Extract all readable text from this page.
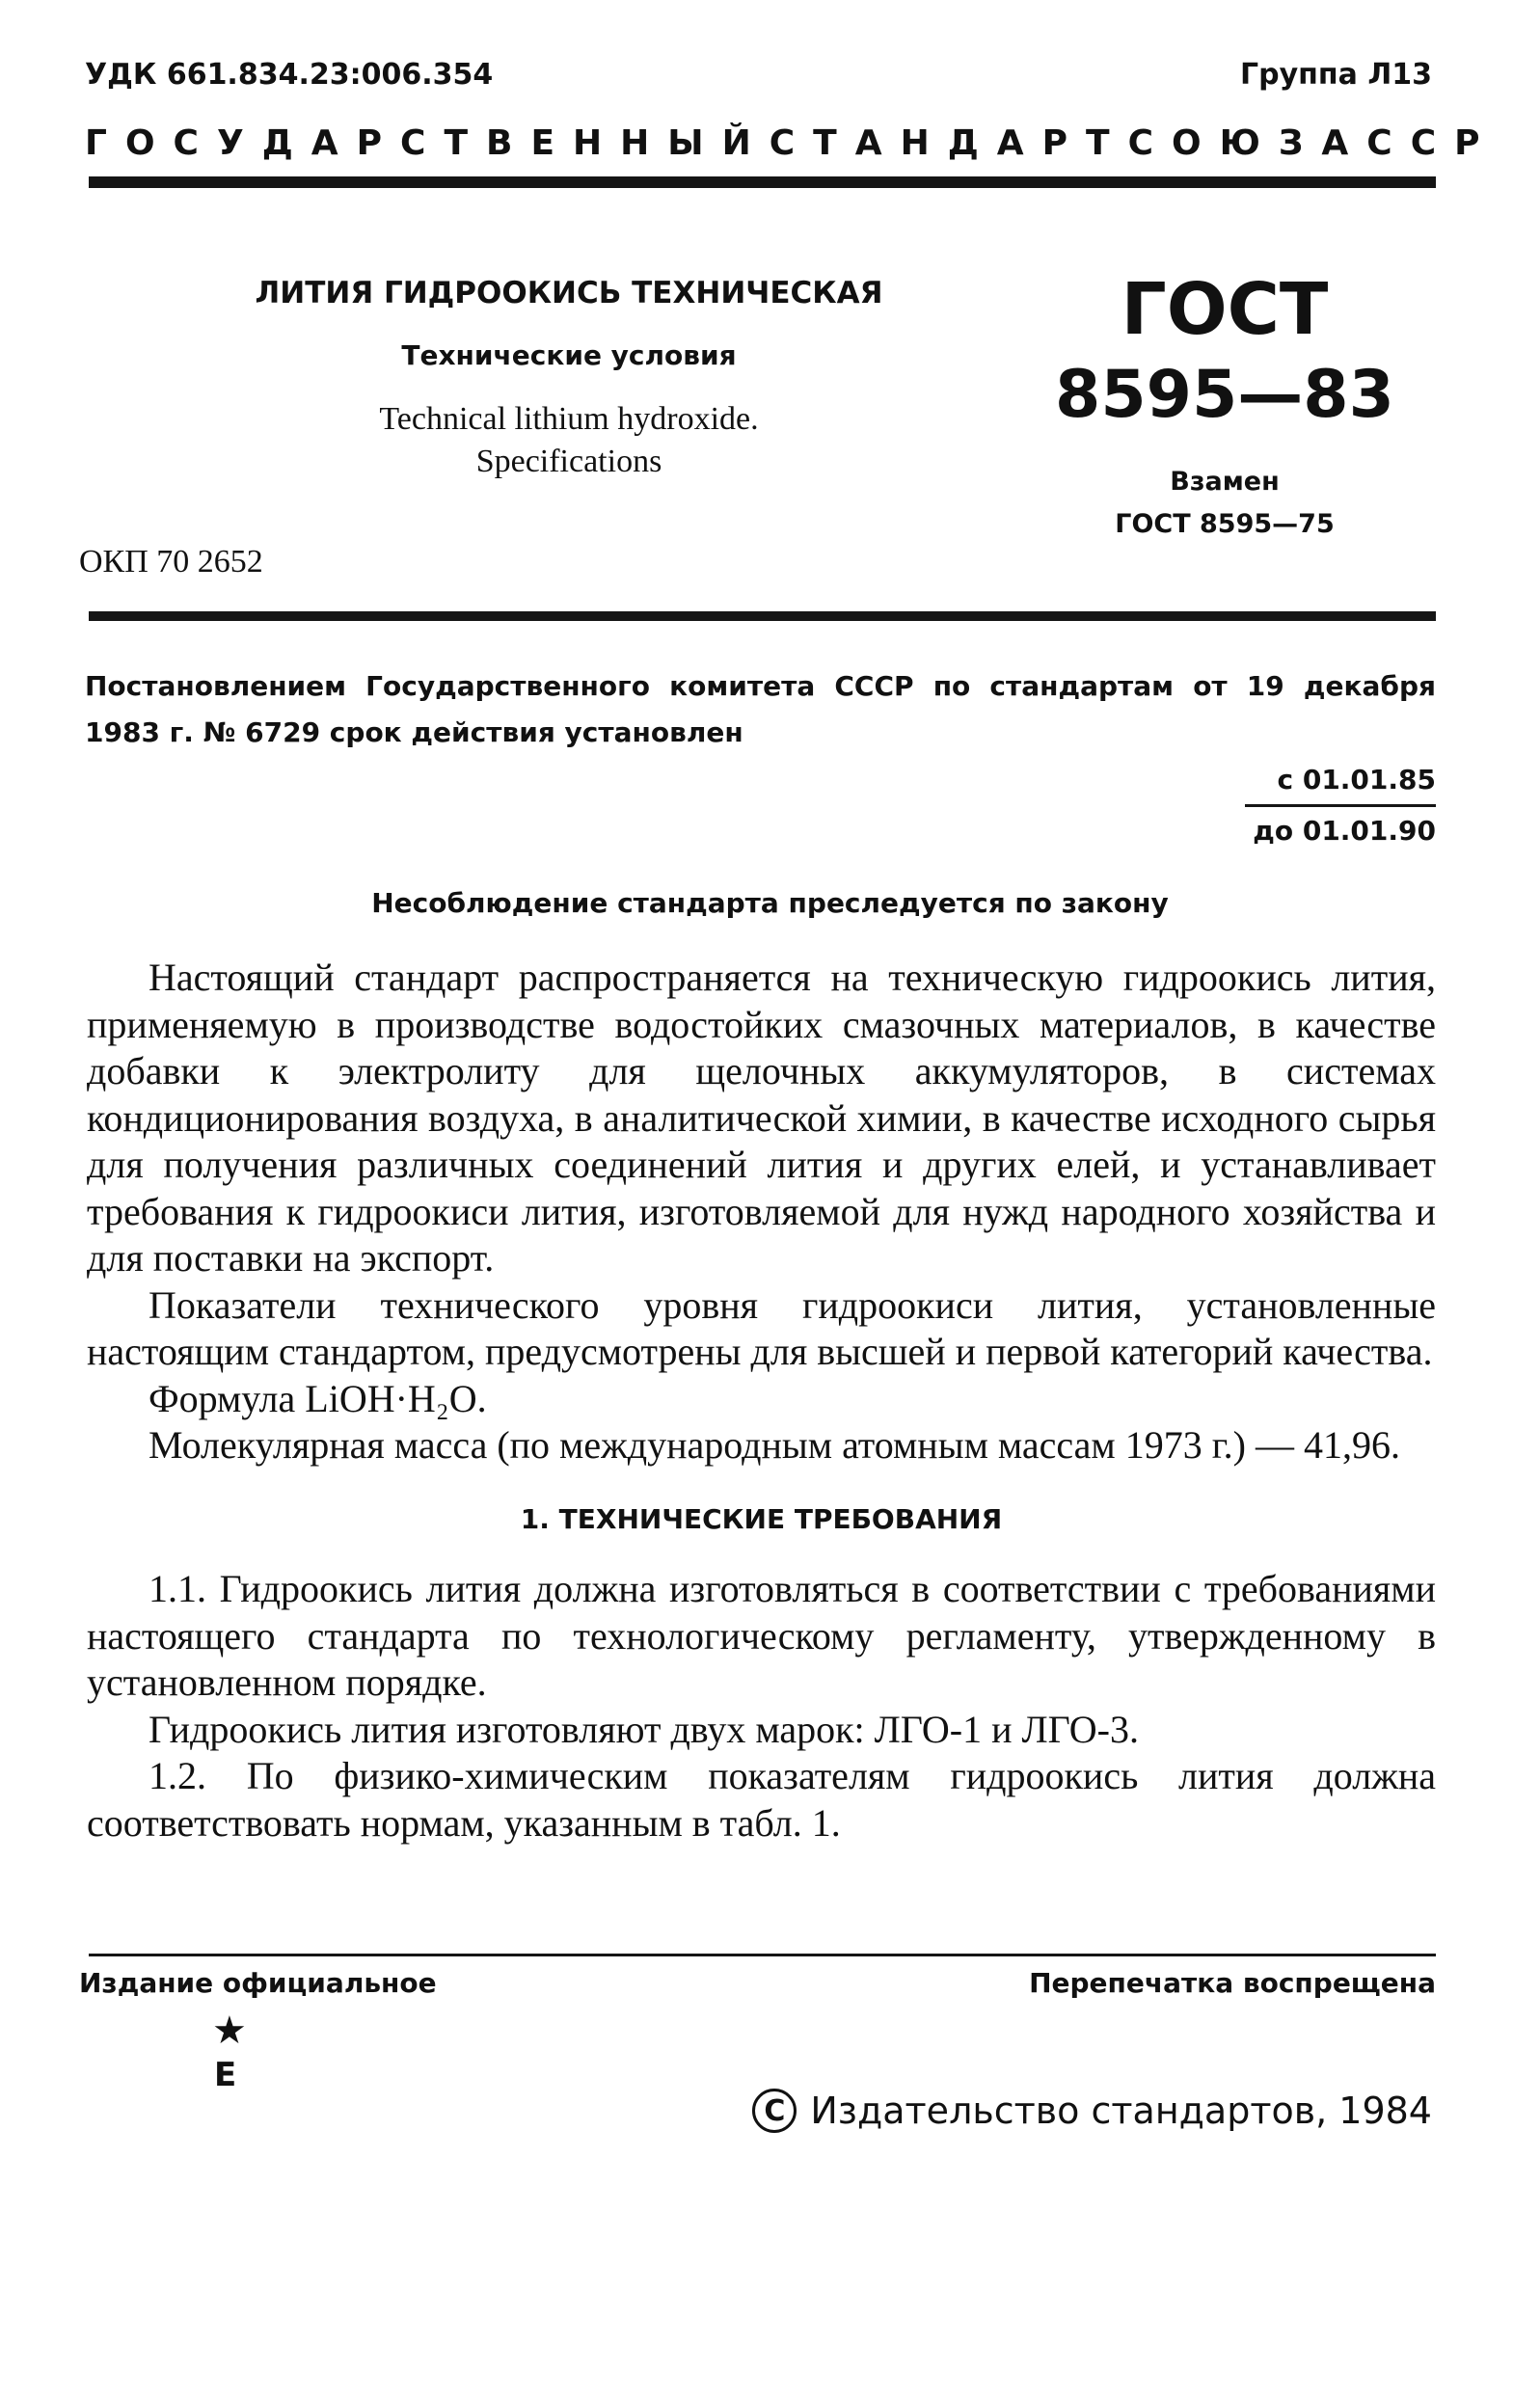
УДК 661.834.23:006.354	Группа Л13
ГОСУДАРСТВЕННЫЙ СТАНДАРТ СОЮЗА ССР
ЛИТИЯ ГИДРООКИСЬ ТЕХНИЧЕСКАЯ
Технические условия
Technical lithium hydroxide.
Specifications
ОКП 70 2652
ГОСТ
8595—83
Взамен
ГОСТ 8595—75
Постановлением Государственного комитета СССР по стандартам от 19 декабря 1983 г. № 6729 срок действия установлен
с 01.01.85
до 01.01.90
Несоблюдение стандарта преследуется по закону

Настоящий стандарт распространяется на техническую гидроокись лития, применяемую в производстве водостойких смазочных материалов, в качестве добавки к электролиту для щелочных аккумуляторов, в системах кондиционирования воздуха, в аналитической химии, в качестве исходного сырья для получения различных соединений лития и других елей, и устанавливает требования к гидроокиси лития, изготовляемой для нужд народного хозяйства и для поставки на экспорт.

Показатели технического уровня гидроокиси лития, установленные настоящим стандартом, предусмотрены для высшей и первой категорий качества.

Формула LiOH·H₂O.

Молекулярная масса (по международным атомным массам 1973 г.) — 41,96.

1. ТЕХНИЧЕСКИЕ ТРЕБОВАНИЯ

1.1. Гидроокись лития должна изготовляться в соответствии с требованиями настоящего стандарта по технологическому регламенту, утвержденному в установленном порядке.

Гидроокись лития изготовляют двух марок: ЛГО-1 и ЛГО-3.

1.2. По физико-химическим показателям гидроокись лития должна соответствовать нормам, указанным в табл. 1.

Издание официальное	Перепечатка воспрещена
★
Е
C Издательство стандартов, 1984
